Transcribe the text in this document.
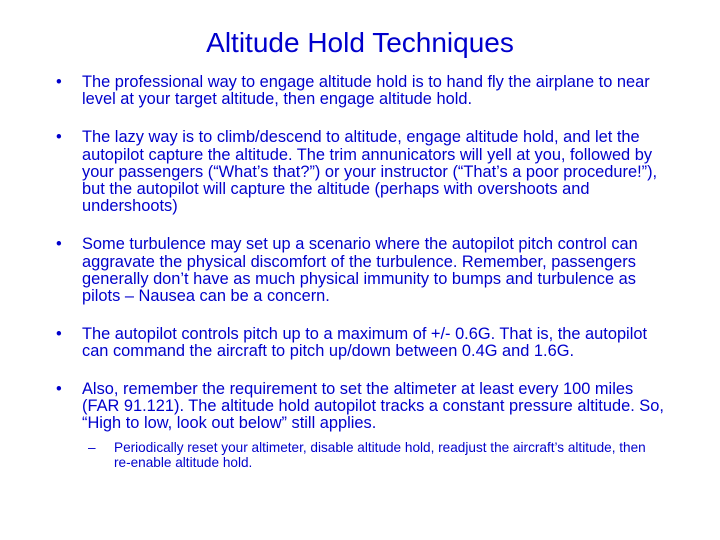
Altitude Hold Techniques
•	The professional way to engage altitude hold is to hand fly the airplane to near level at your target altitude, then engage altitude hold.
•	The lazy way is to climb/descend to altitude, engage altitude hold, and let the autopilot capture the altitude. The trim annunicators will yell at you, followed by your passengers (“What’s that?”) or your instructor (“That’s a poor procedure!”), but the autopilot will capture the altitude (perhaps with overshoots and undershoots)
•	Some turbulence may set up a scenario where the autopilot pitch control can aggravate the physical discomfort of the turbulence. Remember, passengers generally don’t have as much physical immunity to bumps and turbulence as pilots – Nausea can be a concern.
•	The autopilot controls pitch up to a maximum of +/- 0.6G. That is, the autopilot can command the aircraft to pitch up/down between 0.4G and 1.6G.
•	Also, remember the requirement to set the altimeter at least every 100 miles (FAR 91.121). The altitude hold autopilot tracks a constant pressure altitude. So, “High to low, look out below” still applies.
– Periodically reset your altimeter, disable altitude hold, readjust the aircraft’s altitude, then re-enable altitude hold.
